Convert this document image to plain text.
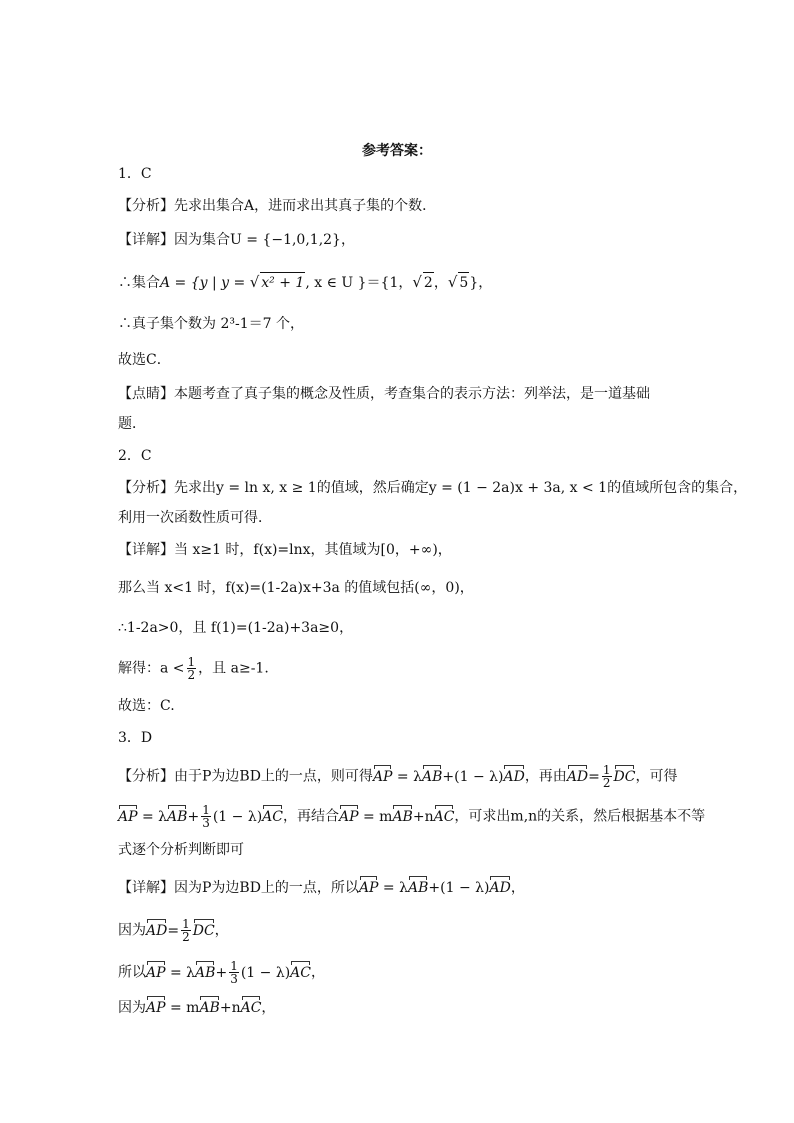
参考答案：
1．C
【分析】先求出集合A，进而求出其真子集的个数．
【详解】因为集合U = {−1,0,1,2}，
∴集合A = {y | y = √ x² + 1, x ∈ U }＝{1，√ 2，√ 5}，
∴真子集个数为 2³-1＝7 个，
故选C．
【点睛】本题考查了真子集的概念及性质，考查集合的表示方法：列举法，是一道基础
题．
2．C
【分析】先求出y = ln x, x ≥ 1的值域，然后确定y = (1 − 2a)x + 3a, x < 1的值域所包含的集合，
利用一次函数性质可得．
【详解】当 x≥1 时，f(x)=lnx，其值域为[0，+∞)，
那么当 x<1 时，f(x)=(1-2a)x+3a 的值域包括(∞，0)，
∴1-2a>0，且 f(1)=(1-2a)+3a≥0，
解得：$a < \frac{1}{2}$ ，且 a≥-1.
故选：C.
3．D
【分析】由于P为边BD上的一点，则可得AP = λAB+(1 − λ)AD，再由$AD= \frac{1}{2}$ DC，可得
AP = $\lambda AB+ \frac{1}{3} (1 - \lambda)AC$，再结合AP = mAB+nAC，可求出m,n的关系，然后根据基本不等
式逐个分析判断即可
【详解】因为P为边BD上的一点，所以AP = λAB+(1 − λ)AD，
因为$AD= \frac{1}{2}$ DC，
所以AP = $\lambda AB+ \frac{1}{3} (1 - \lambda)AC$，
因为AP = mAB+nAC，
